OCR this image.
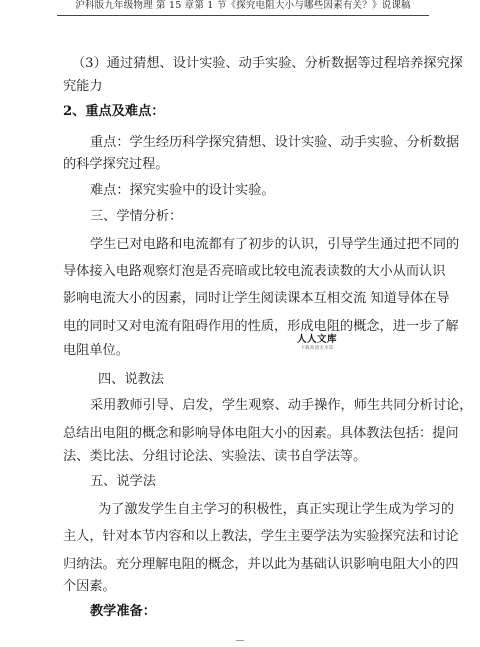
沪科版九年级物理 第 15 章第 1 节《探究电阻大小与哪些因素有关？》说课稿
（3）通过猜想、设计实验、动手实验、分析数据等过程培养探究探
究能力
2、重点及难点：
重点：学生经历科学探究猜想、设计实验、动手实验、分析数据
的科学探究过程。
难点：探究实验中的设计实验。
三、学情分析：
学生已对电路和电流都有了初步的认识，引导学生通过把不同的
导体接入电路观察灯泡是否亮暗或比较电流表读数的大小从而认识
影响电流大小的因素，同时让学生阅读课本互相交流 知道导体在导
电的同时又对电流有阻碍作用的性质，形成电阻的概念，进一步了解
电阻单位。
人人文库
下载高清无水印
四、说教法
采用教师引导、启发，学生观察、动手操作，师生共同分析讨论，
总结出电阻的概念和影响导体电阻大小的因素。具体教法包括：提问
法、类比法、分组讨论法、实验法、读书自学法等。
五、说学法
为了激发学生自主学习的积极性，真正实现让学生成为学习的
主人，针对本节内容和以上教法，学生主要学法为实验探究法和讨论
归纳法。充分理解电阻的概念，并以此为基础认识影响电阻大小的四
个因素。
教学准备：
